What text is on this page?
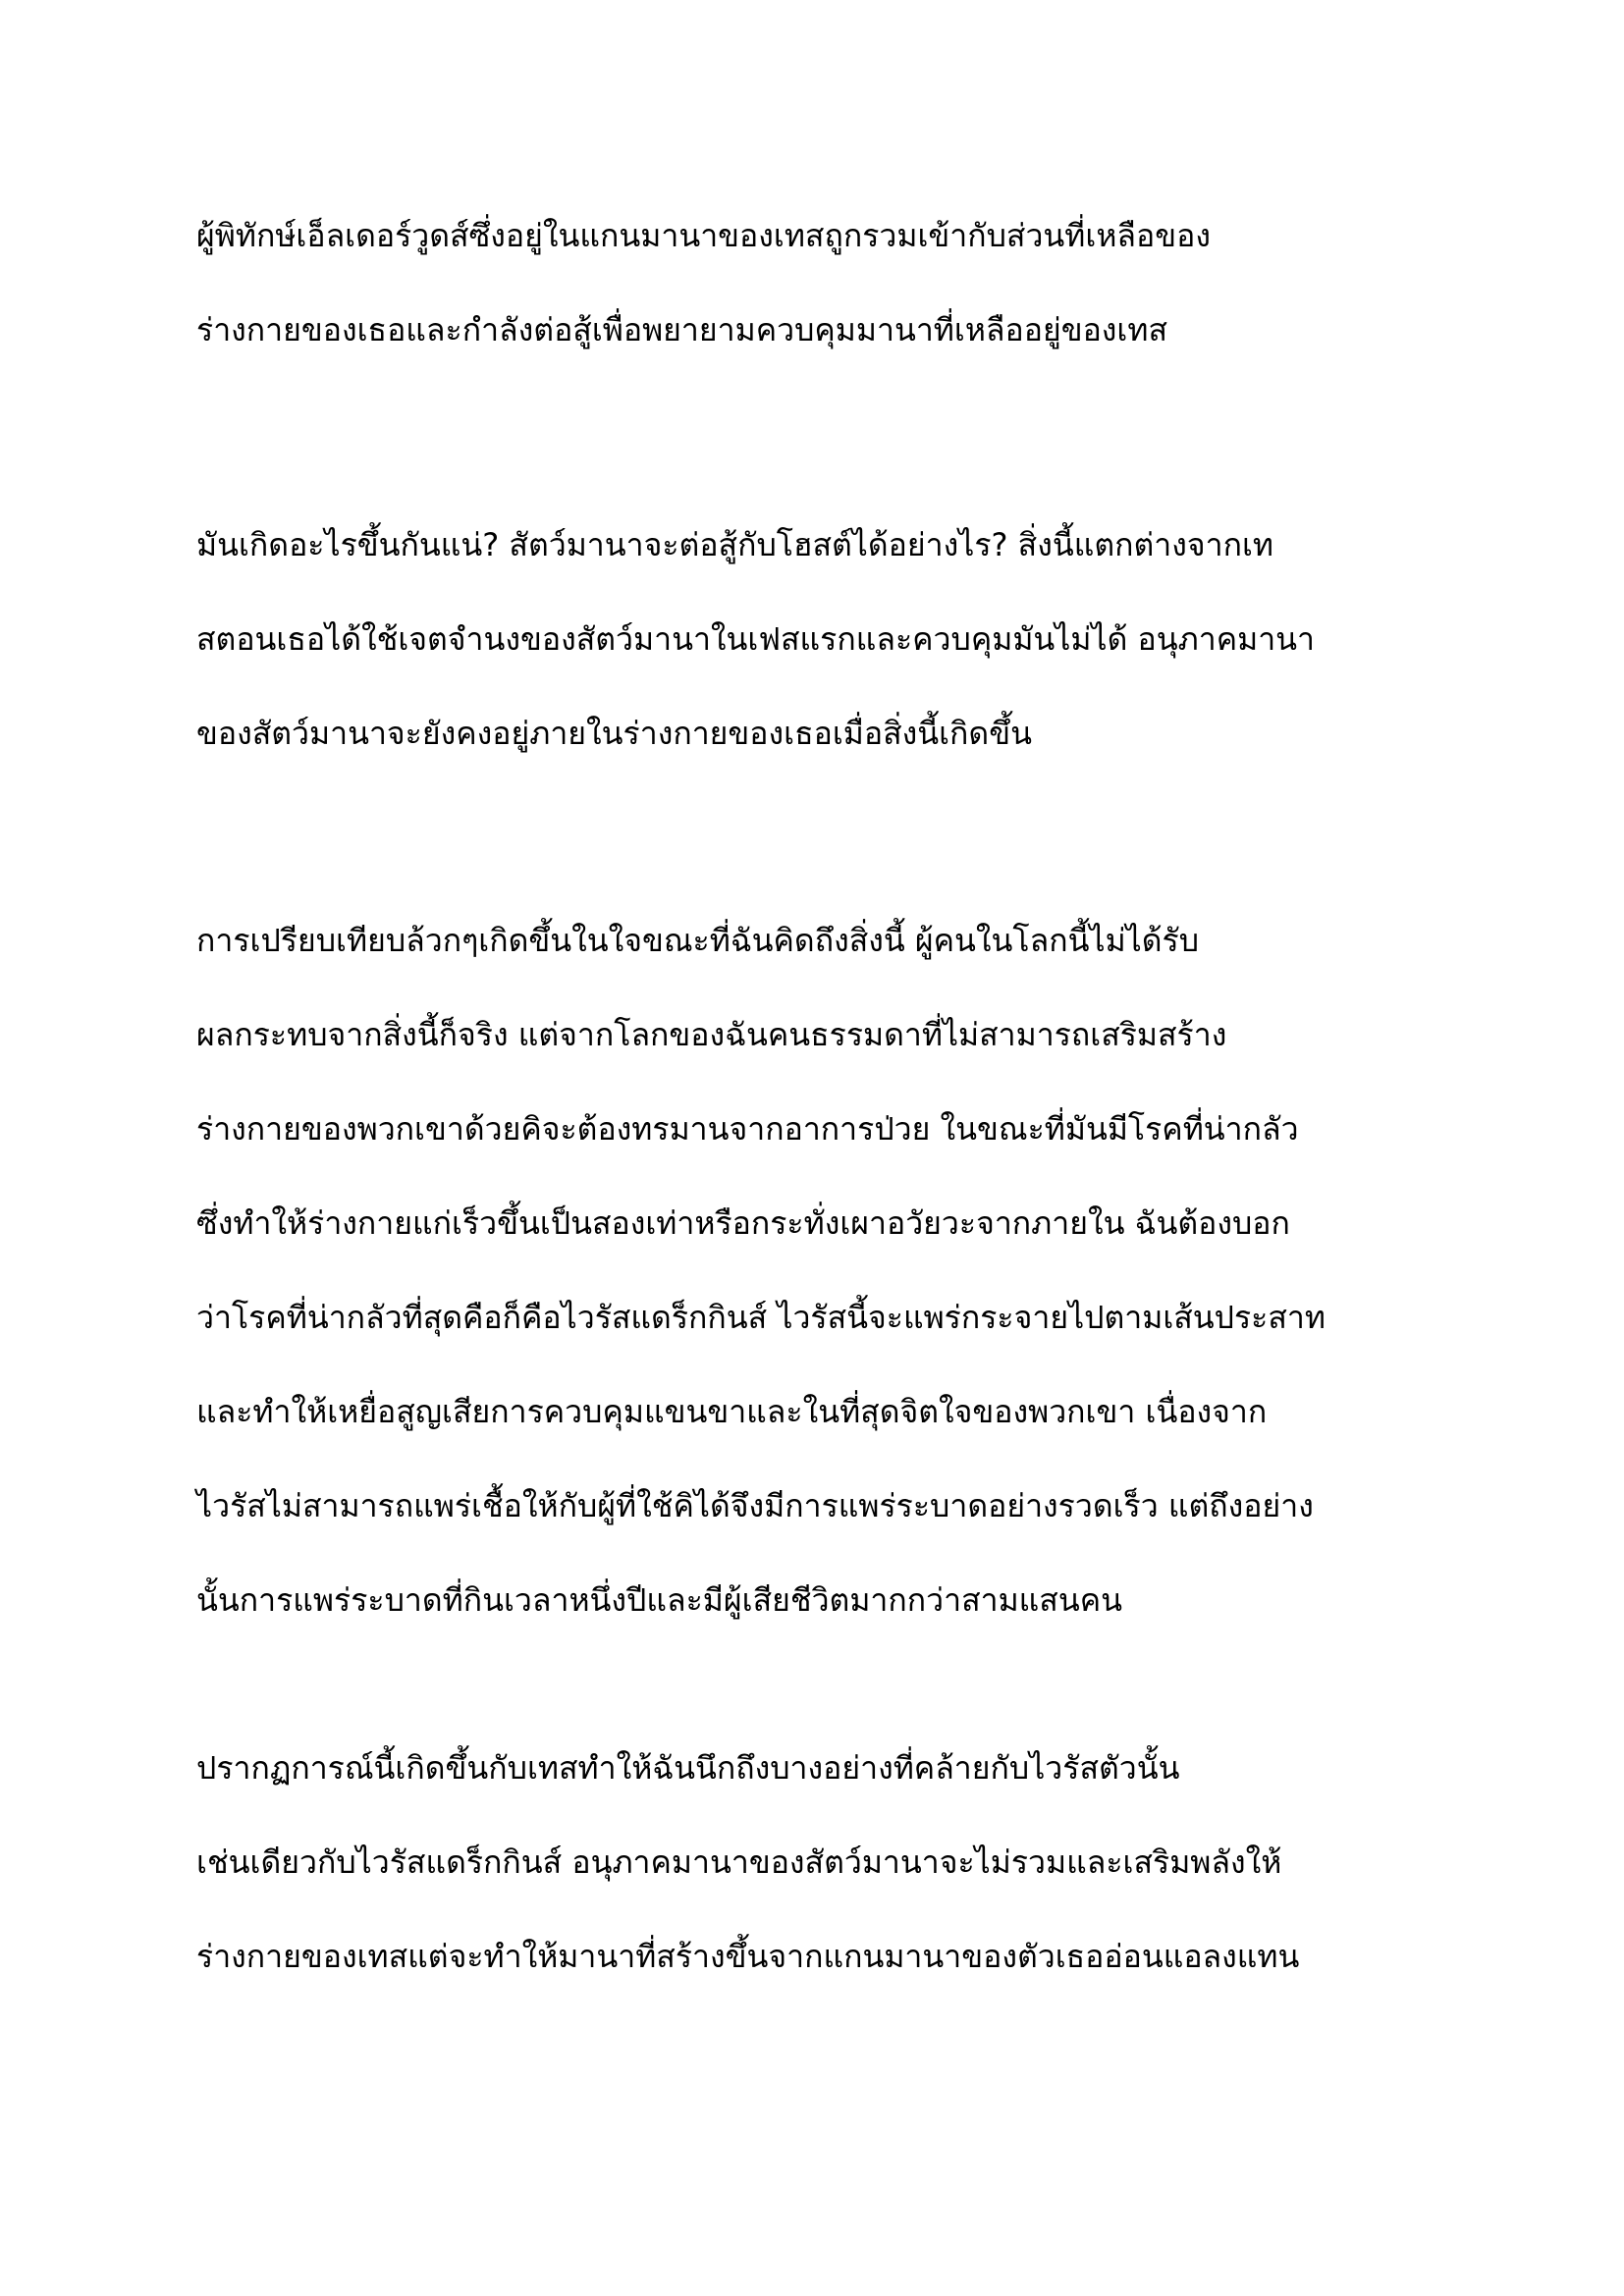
ผู้พิทักษ์เอ็ลเดอร์วูดส์ซึ่งอยู่ในแกนมานาของเทสถูกรวมเข้ากับส่วนที่เหลือของ
ร่างกายของเธอและกำลังต่อสู้เพื่อพยายามควบคุมมานาที่เหลืออยู่ของเทส
มันเกิดอะไรขึ้นกันแน่? สัตว์มานาจะต่อสู้กับโฮสต์ได้อย่างไร? สิ่งนี้แตกต่างจากเท
สตอนเธอได้ใช้เจตจำนงของสัตว์มานาในเฟสแรกและควบคุมมันไม่ได้ อนุภาคมานา
ของสัตว์มานาจะยังคงอยู่ภายในร่างกายของเธอเมื่อสิ่งนี้เกิดขึ้น
การเปรียบเทียบล้วกๆเกิดขึ้นในใจขณะที่ฉันคิดถึงสิ่งนี้ ผู้คนในโลกนี้ไม่ได้รับ
ผลกระทบจากสิ่งนี้ก็จริง แต่จากโลกของฉันคนธรรมดาที่ไม่สามารถเสริมสร้าง
ร่างกายของพวกเขาด้วยคิจะต้องทรมานจากอาการป่วย ในขณะที่มันมีโรคที่น่ากลัว
ซึ่งทำให้ร่างกายแก่เร็วขึ้นเป็นสองเท่าหรือกระทั่งเผาอวัยวะจากภายใน ฉันต้องบอก
ว่าโรคที่น่ากลัวที่สุดคือก็คือไวรัสแดร็กกินส์ ไวรัสนี้จะแพร่กระจายไปตามเส้นประสาท
และทำให้เหยื่อสูญเสียการควบคุมแขนขาและในที่สุดจิตใจของพวกเขา เนื่องจาก
ไวรัสไม่สามารถแพร่เชื้อให้กับผู้ที่ใช้คิได้จึงมีการแพร่ระบาดอย่างรวดเร็ว แต่ถึงอย่าง
นั้นการแพร่ระบาดที่กินเวลาหนึ่งปีและมีผู้เสียชีวิตมากกว่าสามแสนคน
ปรากฏการณ์นี้เกิดขึ้นกับเทสทำให้ฉันนึกถึงบางอย่างที่คล้ายกับไวรัสตัวนั้น
เช่นเดียวกับไวรัสแดร็กกินส์ อนุภาคมานาของสัตว์มานาจะไม่รวมและเสริมพลังให้
ร่างกายของเทสแต่จะทำให้มานาที่สร้างขึ้นจากแกนมานาของตัวเธออ่อนแอลงแทน
